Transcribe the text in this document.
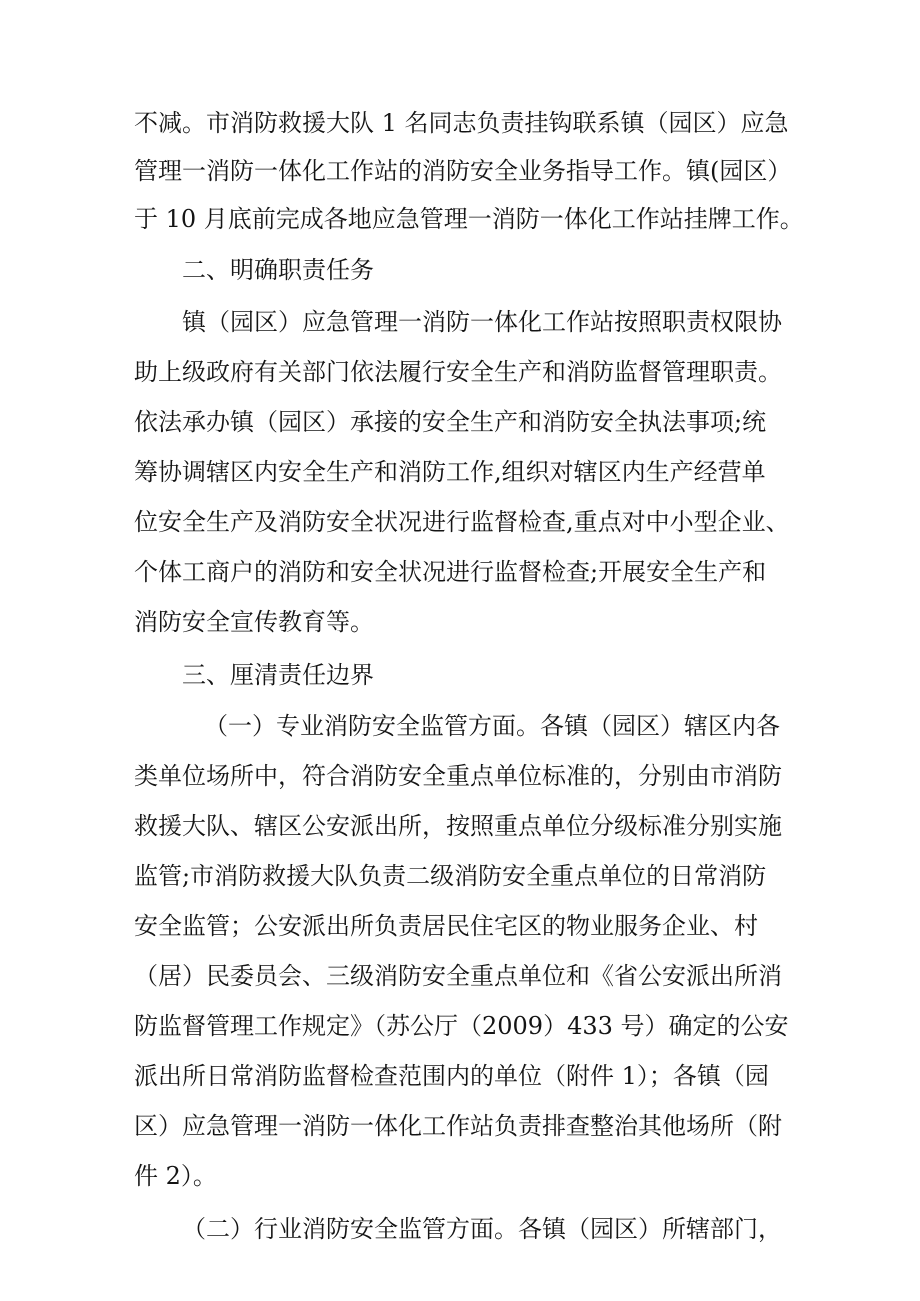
不减。市消防救援大队 1 名同志负责挂钩联系镇（园区）应急
管理一消防一体化工作站的消防安全业务指导工作。镇(园区）
于 10 月底前完成各地应急管理一消防一体化工作站挂牌工作。
二、明确职责任务
镇（园区）应急管理一消防一体化工作站按照职责权限协
助上级政府有关部门依法履行安全生产和消防监督管理职责。
依法承办镇（园区）承接的安全生产和消防安全执法事项;统
筹协调辖区内安全生产和消防工作,组织对辖区内生产经营单
位安全生产及消防安全状况进行监督检查,重点对中小型企业、
个体工商户的消防和安全状况进行监督检查;开展安全生产和
消防安全宣传教育等。
三、厘清责任边界
（一）专业消防安全监管方面。各镇（园区）辖区内各
类单位场所中，符合消防安全重点单位标准的，分别由市消防
救援大队、辖区公安派出所，按照重点单位分级标准分别实施
监管;市消防救援大队负责二级消防安全重点单位的日常消防
安全监管；公安派出所负责居民住宅区的物业服务企业、村
（居）民委员会、三级消防安全重点单位和《省公安派出所消
防监督管理工作规定》（苏公厅（2009）433 号）确定的公安
派出所日常消防监督检查范围内的单位（附件 1）；各镇（园
区）应急管理一消防一体化工作站负责排查整治其他场所（附
件 2）。
（二）行业消防安全监管方面。各镇（园区）所辖部门，
